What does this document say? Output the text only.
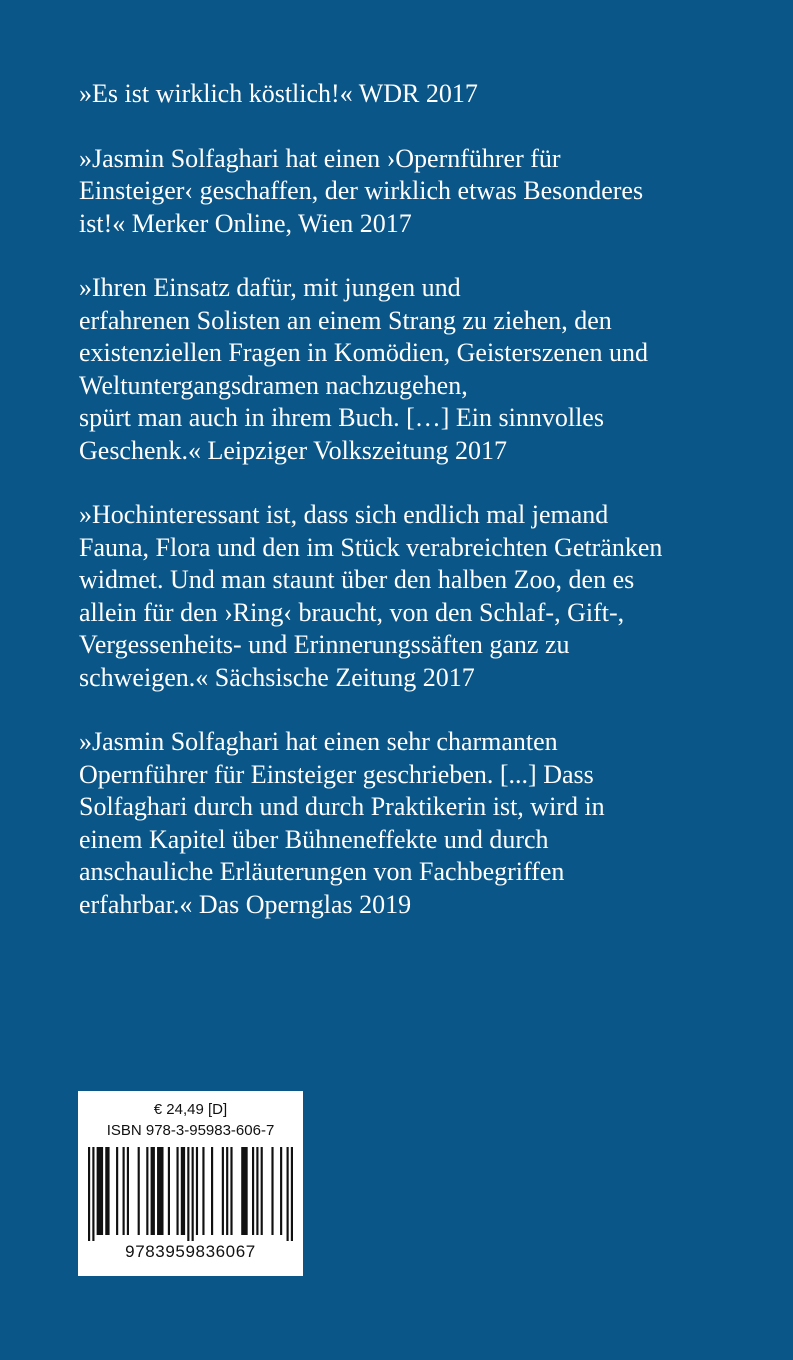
»Es ist wirklich köstlich!« WDR 2017
»Jasmin Solfaghari hat einen ›Opernführer für
Einsteiger‹ geschaffen, der wirklich etwas Besonderes
ist!« Merker Online, Wien 2017
»Ihren Einsatz dafür, mit jungen und
erfahrenen Solisten an einem Strang zu ziehen, den
existenziellen Fragen in Komödien, Geisterszenen und
Weltuntergangsdramen nachzugehen,
spürt man auch in ihrem Buch. […] Ein sinnvolles
Geschenk.« Leipziger Volkszeitung 2017
»Hochinteressant ist, dass sich endlich mal jemand
Fauna, Flora und den im Stück verabreichten Getränken
widmet. Und man staunt über den halben Zoo, den es
allein für den ›Ring‹ braucht, von den Schlaf-, Gift-,
Vergessenheits- und Erinnerungssäften ganz zu
schweigen.« Sächsische Zeitung 2017
»Jasmin Solfaghari hat einen sehr charmanten
Opernführer für Einsteiger geschrieben. [...] Dass
Solfaghari durch und durch Praktikerin ist, wird in
einem Kapitel über Bühneneffekte und durch
anschauliche Erläuterungen von Fachbegriffen
erfahrbar.« Das Opernglas 2019
€ 24,49 [D]
ISBN 978-3-95983-606-7
9783959836067
